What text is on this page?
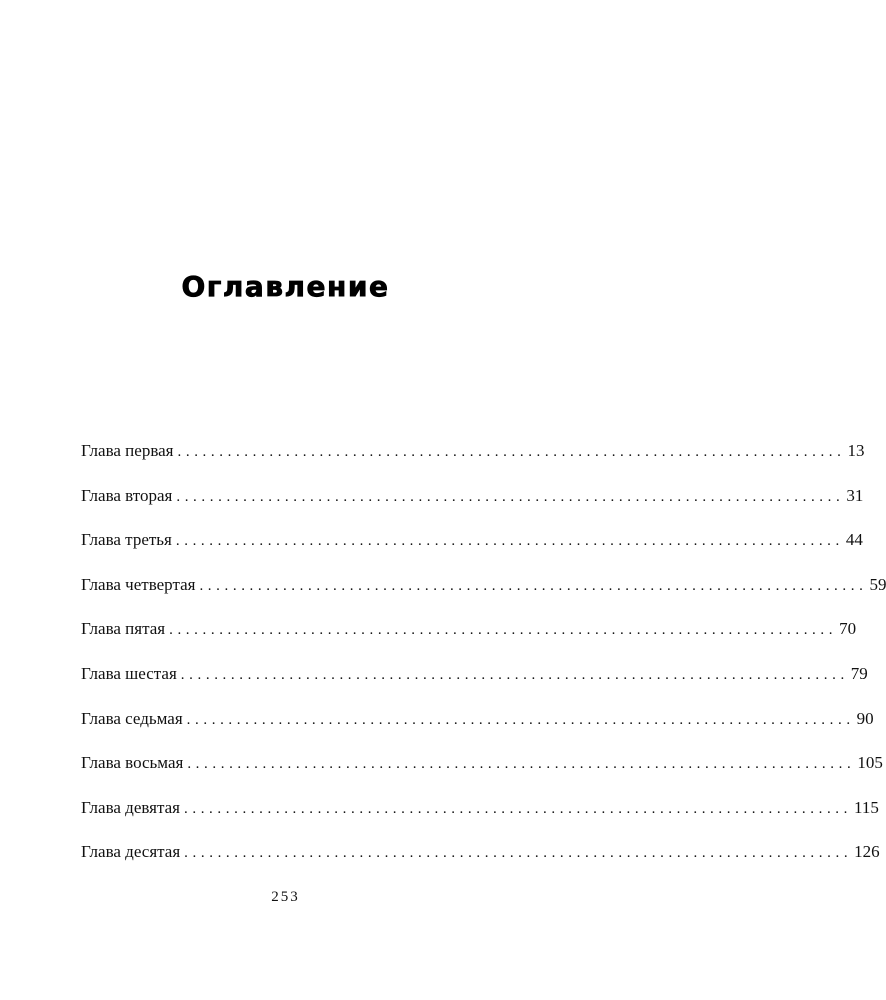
Оглавление
Глава первая ................................................................................ 13
Глава вторая ................................................................................ 31
Глава третья ................................................................................ 44
Глава четвертая ................................................................................ 59
Глава пятая ................................................................................ 70
Глава шестая ................................................................................ 79
Глава седьмая ................................................................................ 90
Глава восьмая ................................................................................ 105
Глава девятая ................................................................................ 115
Глава десятая ................................................................................ 126
253
